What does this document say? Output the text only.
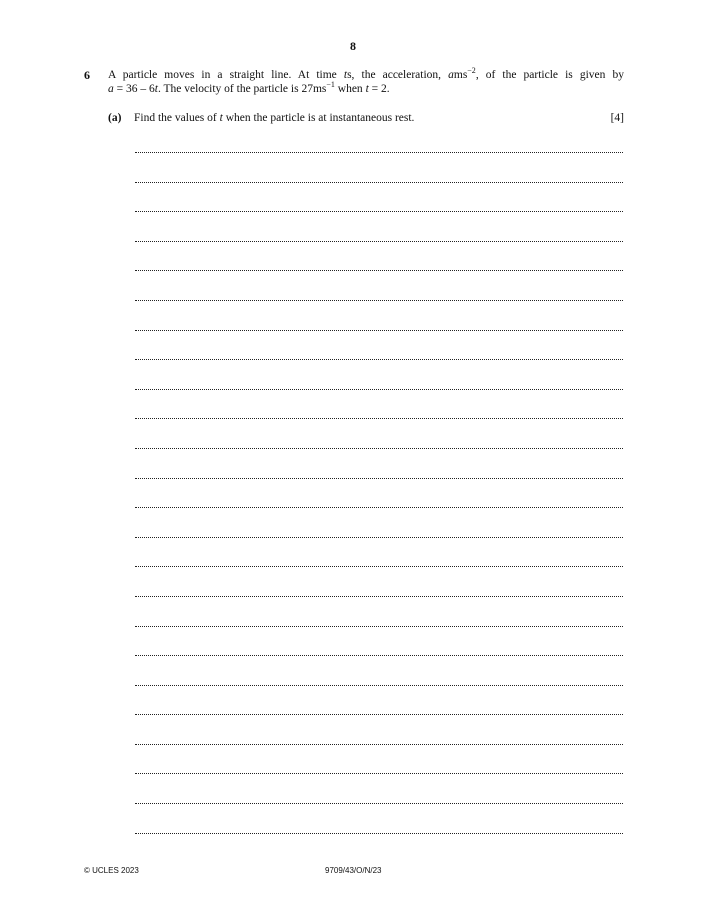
8
6 A particle moves in a straight line. At time ts, the acceleration, ams$^{-2}$, of the particle is given by
a = 36 – 6t. The velocity of the particle is $27ms^{-1}$ when t = 2.
(a) Find the values of t when the particle is at instantaneous rest.	[4]
© UCLES 2023	9709/43/O/N/23
